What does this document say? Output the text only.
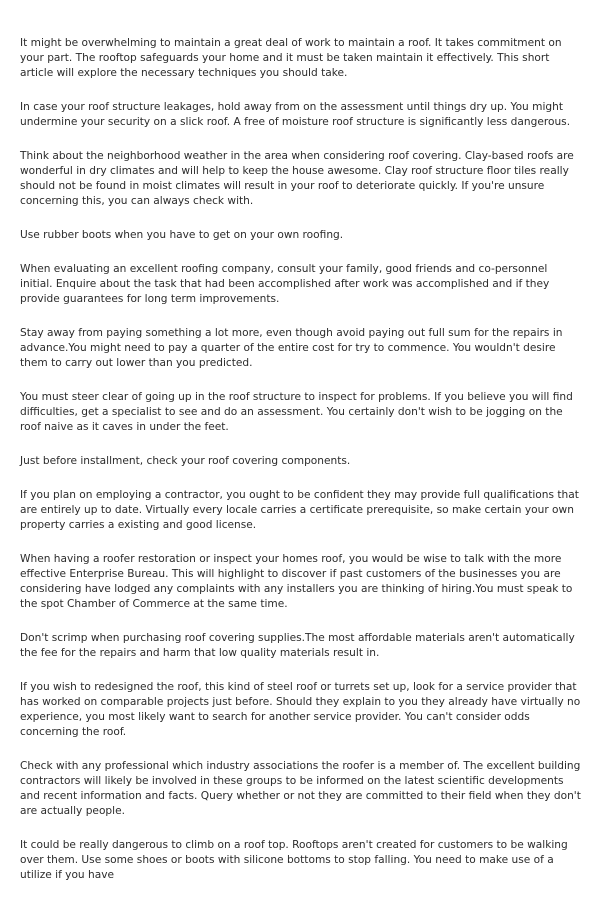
It might be overwhelming to maintain a great deal of work to maintain a roof. It takes commitment on your part. The rooftop safeguards your home and it must be taken maintain it effectively. This short article will explore the necessary techniques you should take.

In case your roof structure leakages, hold away from on the assessment until things dry up. You might undermine your security on a slick roof. A free of moisture roof structure is significantly less dangerous.

Think about the neighborhood weather in the area when considering roof covering. Clay-based roofs are wonderful in dry climates and will help to keep the house awesome. Clay roof structure floor tiles really should not be found in moist climates will result in your roof to deteriorate quickly. If you're unsure concerning this, you can always check with.

Use rubber boots when you have to get on your own roofing.

When evaluating an excellent roofing company, consult your family, good friends and co-personnel initial. Enquire about the task that had been accomplished after work was accomplished and if they provide guarantees for long term improvements.

Stay away from paying something a lot more, even though avoid paying out full sum for the repairs in advance.You might need to pay a quarter of the entire cost for try to commence. You wouldn't desire them to carry out lower than you predicted.

You must steer clear of going up in the roof structure to inspect for problems. If you believe you will find difficulties, get a specialist to see and do an assessment. You certainly don't wish to be jogging on the roof naive as it caves in under the feet.

Just before installment, check your roof covering components.

If you plan on employing a contractor, you ought to be confident they may provide full qualifications that are entirely up to date. Virtually every locale carries a certificate prerequisite, so make certain your own property carries a existing and good license.

When having a roofer restoration or inspect your homes roof, you would be wise to talk with the more effective Enterprise Bureau. This will highlight to discover if past customers of the businesses you are considering have lodged any complaints with any installers you are thinking of hiring.You must speak to the spot Chamber of Commerce at the same time.

Don't scrimp when purchasing roof covering supplies.The most affordable materials aren't automatically the fee for the repairs and harm that low quality materials result in.

If you wish to redesigned the roof, this kind of steel roof or turrets set up, look for a service provider that has worked on comparable projects just before. Should they explain to you they already have virtually no experience, you most likely want to search for another service provider. You can't consider odds concerning the roof.

Check with any professional which industry associations the roofer is a member of. The excellent building contractors will likely be involved in these groups to be informed on the latest scientific developments and recent information and facts. Query whether or not they are committed to their field when they don't are actually people.

It could be really dangerous to climb on a roof top. Rooftops aren't created for customers to be walking over them. Use some shoes or boots with silicone bottoms to stop falling. You need to make use of a utilize if you have
